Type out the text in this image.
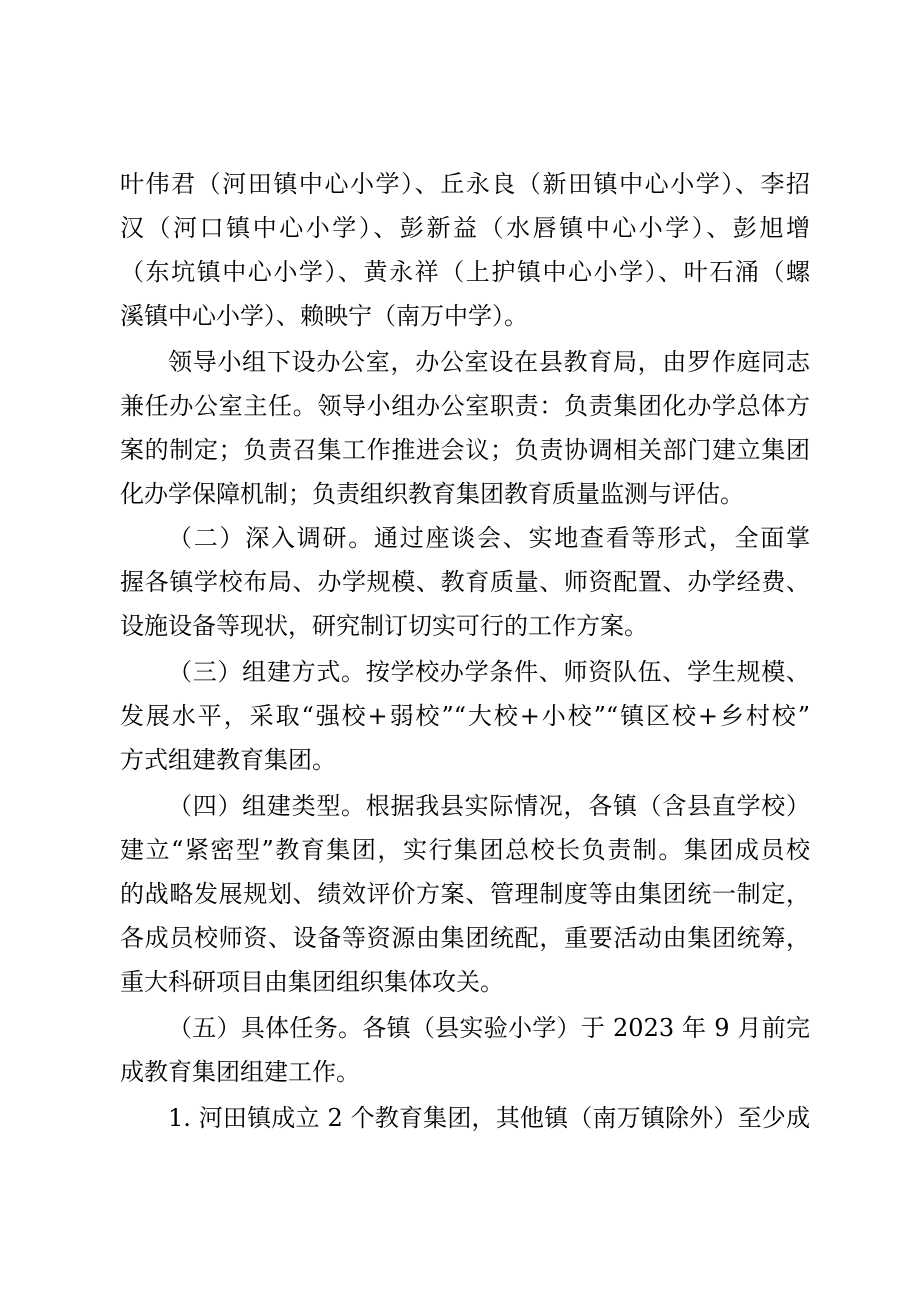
叶伟君（河田镇中心小学）、丘永良（新田镇中心小学）、李招
汉（河口镇中心小学）、彭新益（水唇镇中心小学）、彭旭增
（东坑镇中心小学）、黄永祥（上护镇中心小学）、叶石涌（螺
溪镇中心小学）、赖映宁（南万中学）。
领导小组下设办公室，办公室设在县教育局，由罗作庭同志
兼任办公室主任。领导小组办公室职责：负责集团化办学总体方
案的制定；负责召集工作推进会议；负责协调相关部门建立集团
化办学保障机制；负责组织教育集团教育质量监测与评估。
（二）深入调研。通过座谈会、实地查看等形式，全面掌
握各镇学校布局、办学规模、教育质量、师资配置、办学经费、
设施设备等现状，研究制订切实可行的工作方案。
（三）组建方式。按学校办学条件、师资队伍、学生规模、
发展水平，采取“强校+弱校”“大校+小校”“镇区校+乡村校”
方式组建教育集团。
（四）组建类型。根据我县实际情况，各镇（含县直学校）
建立“紧密型”教育集团，实行集团总校长负责制。集团成员校
的战略发展规划、绩效评价方案、管理制度等由集团统一制定，
各成员校师资、设备等资源由集团统配，重要活动由集团统筹，
重大科研项目由集团组织集体攻关。
（五）具体任务。各镇（县实验小学）于 2023 年 9 月前完
成教育集团组建工作。
1. 河田镇成立 2 个教育集团，其他镇（南万镇除外）至少成
